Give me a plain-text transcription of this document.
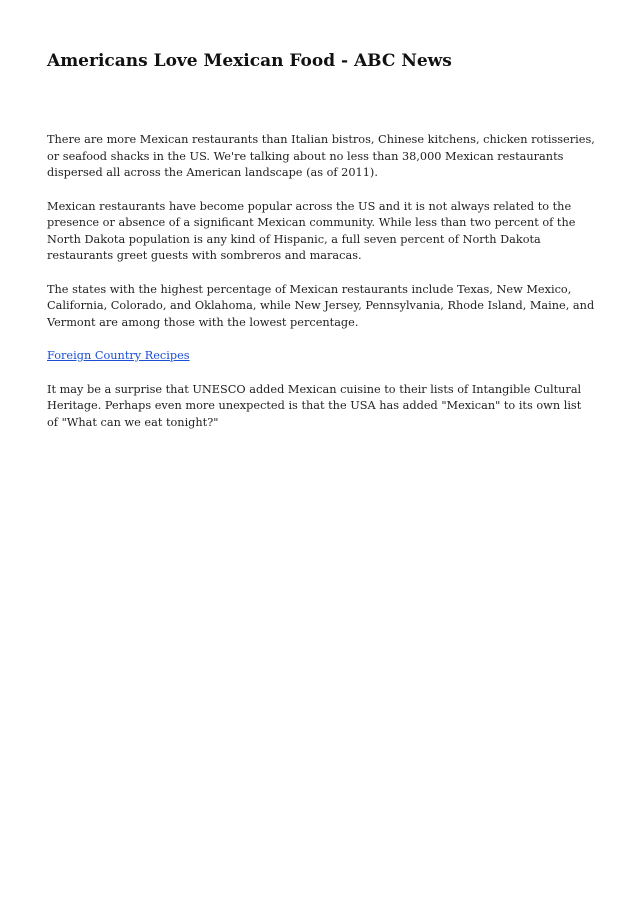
Americans Love Mexican Food - ABC News

There are more Mexican restaurants than Italian bistros, Chinese kitchens, chicken rotisseries, or seafood shacks in the US. We're talking about no less than 38,000 Mexican restaurants dispersed all across the American landscape (as of 2011).

Mexican restaurants have become popular across the US and it is not always related to the presence or absence of a significant Mexican community. While less than two percent of the North Dakota population is any kind of Hispanic, a full seven percent of North Dakota restaurants greet guests with sombreros and maracas.

The states with the highest percentage of Mexican restaurants include Texas, New Mexico, California, Colorado, and Oklahoma, while New Jersey, Pennsylvania, Rhode Island, Maine, and Vermont are among those with the lowest percentage.

Foreign Country Recipes

It may be a surprise that UNESCO added Mexican cuisine to their lists of Intangible Cultural Heritage. Perhaps even more unexpected is that the USA has added "Mexican" to its own list of "What can we eat tonight?"
